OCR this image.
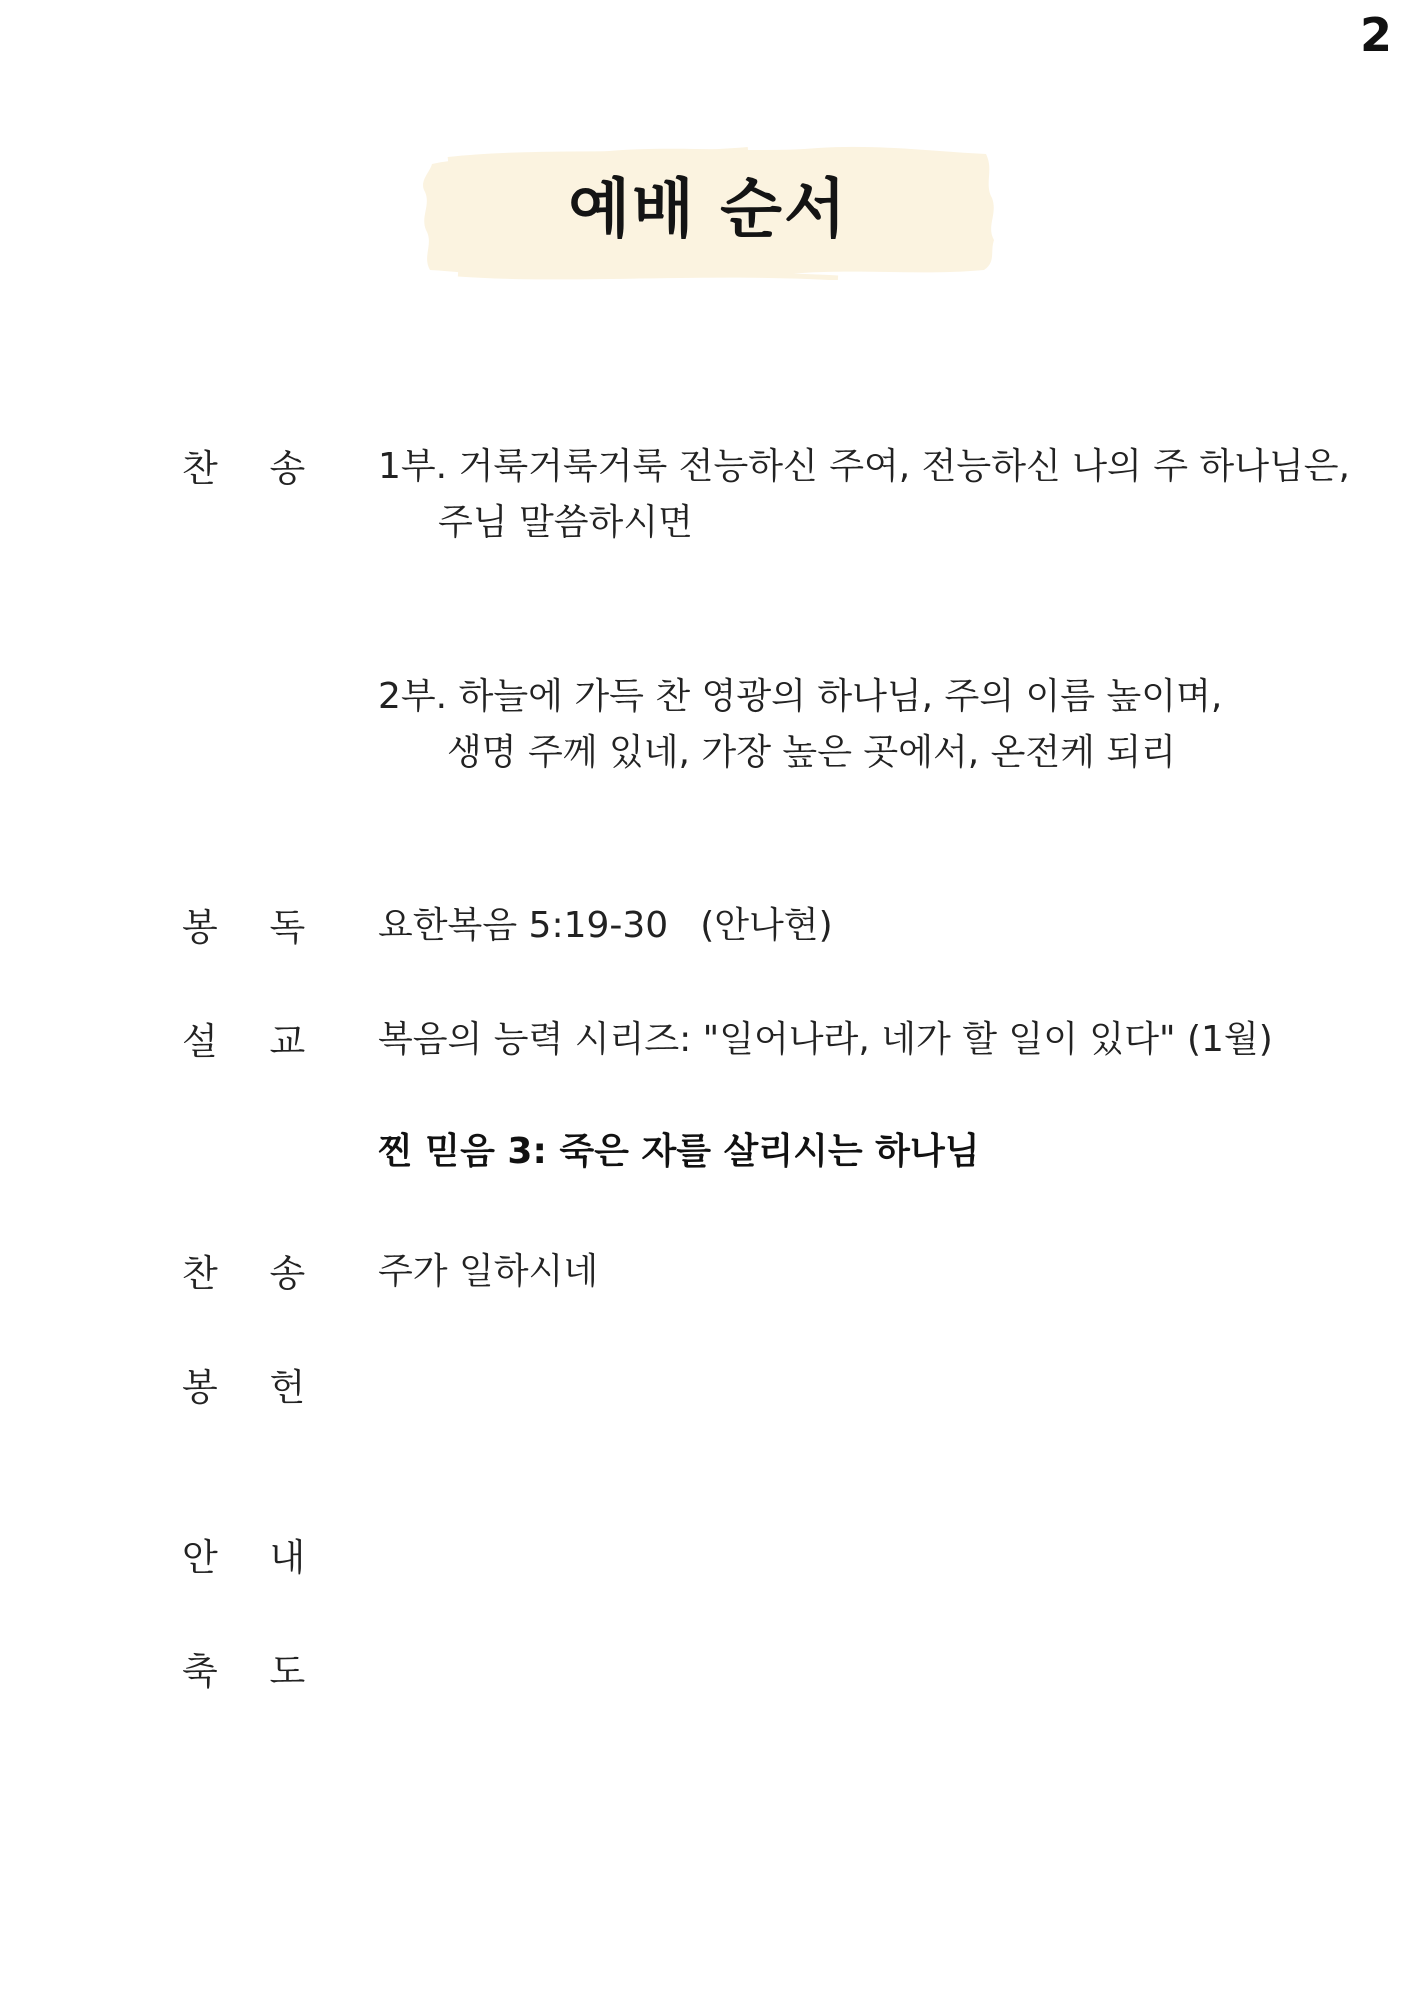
2
예배 순서
찬 송 1부. 거룩거룩거룩 전능하신 주여, 전능하신 나의 주 하나님은,
주님 말씀하시면
2부. 하늘에 가득 찬 영광의 하나님, 주의 이름 높이며,
생명 주께 있네, 가장 높은 곳에서, 온전케 되리
봉 독 요한복음 5:19-30 (안나현)
설 교 복음의 능력 시리즈: "일어나라, 네가 할 일이 있다" (1월)
찐 믿음 3: 죽은 자를 살리시는 하나님
찬 송 주가 일하시네
봉 헌
안 내
축 도
